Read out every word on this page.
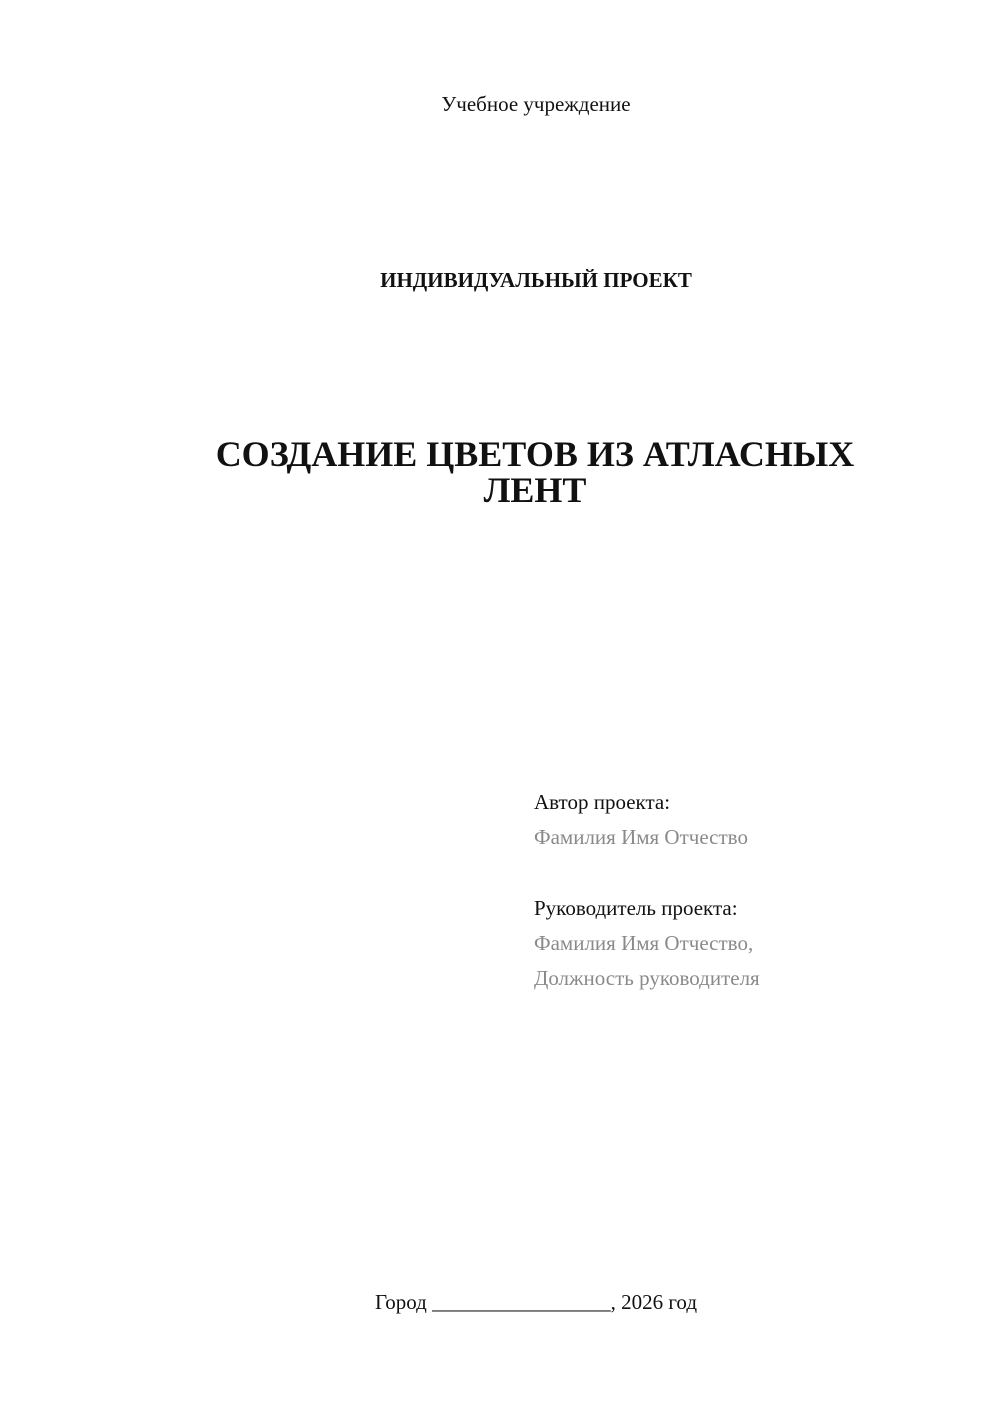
Учебное учреждение
ИНДИВИДУАЛЬНЫЙ ПРОЕКТ
СОЗДАНИЕ ЦВЕТОВ ИЗ АТЛАСНЫХ
ЛЕНТ
Автор проекта:
Фамилия Имя Отчество
Руководитель проекта:
Фамилия Имя Отчество,
Должность руководителя
Город _________________, 2026 год
